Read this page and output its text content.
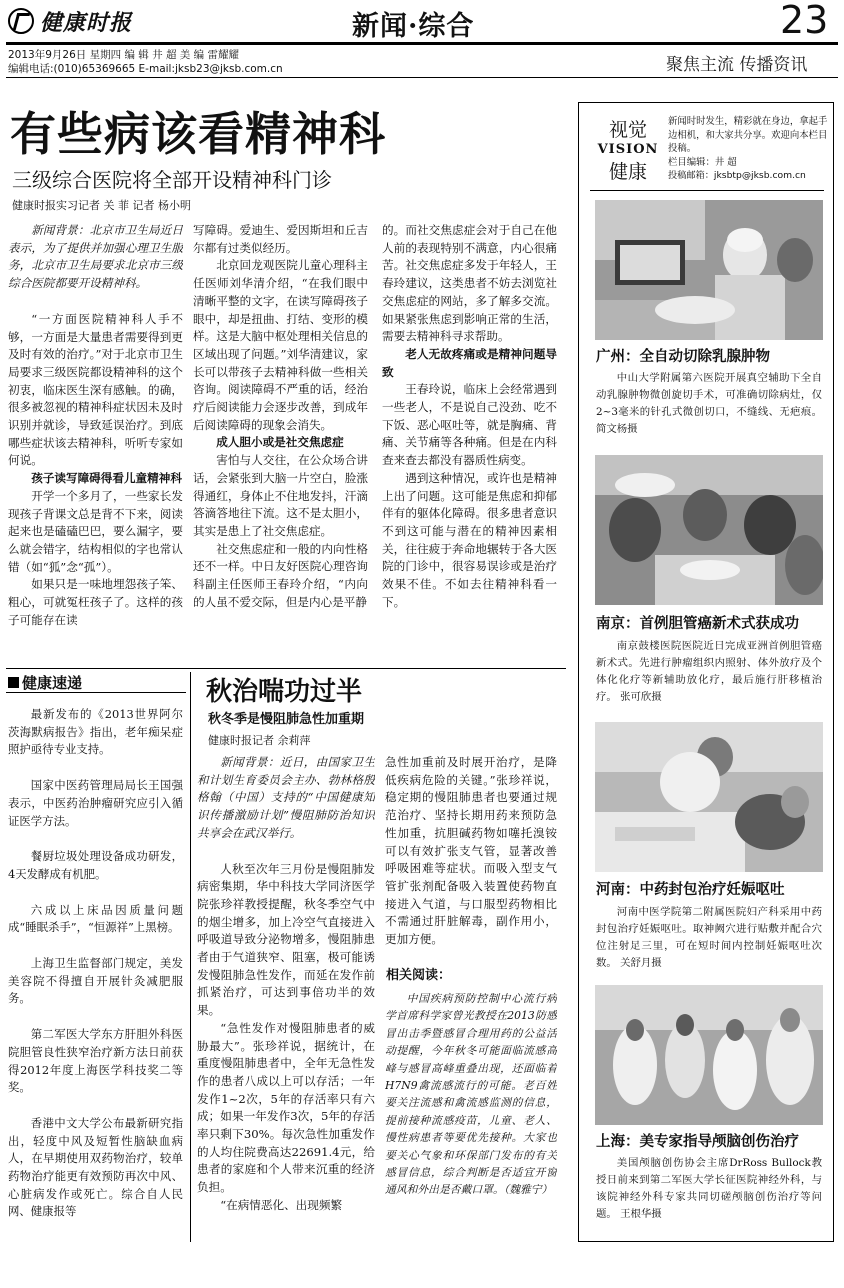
健康时报	新闻·综合	23
2013年9月26日 星期四 编 辑 井 超 美 编 雷耀耀
编辑电话:(010)65369665 E-mail:jksb23@jksb.com.cn	聚焦主流 传播资讯
有些病该看精神科
三级综合医院将全部开设精神科门诊
健康时报实习记者 关 菲 记者 杨小明

新闻背景：北京市卫生局近日表示，为了提供并加强心理卫生服务，北京市卫生局要求北京市三级综合医院都要开设精神科。

“一方面医院精神科人手不够，一方面是大量患者需要得到更及时有效的治疗。”对于北京市卫生局要求三级医院都设精神科的这个初衷，临床医生深有感触。的确，很多被忽视的精神科症状因未及时识别并就诊，导致延误治疗。到底哪些症状该去精神科，听听专家如何说。

孩子读写障碍得看儿童精神科

开学一个多月了，一些家长发现孩子背课文总是背不下来，阅读起来也是磕磕巴巴，要么漏字，要么就会错字，结构相似的字也常认错（如“狐”念“孤”）。

如果只是一味地埋怨孩子笨、粗心，可就冤枉孩子了。这样的孩子可能存在读

写障碍。爱迪生、爱因斯坦和丘吉尔都有过类似经历。

北京回龙观医院儿童心理科主任医师刘华清介绍，“在我们眼中清晰平整的文字，在读写障碍孩子眼中，却是扭曲、打结、变形的模样。这是大脑中枢处理相关信息的区域出现了问题。”刘华清建议，家长可以带孩子去精神科做一些相关咨询。阅读障碍不严重的话，经治疗后阅读能力会逐步改善，到成年后阅读障碍的现象会消失。

成人胆小或是社交焦虑症

害怕与人交往，在公众场合讲话，会紧张到大脑一片空白，脸涨得通红，身体止不住地发抖，汗滴答滴答地往下流。这不是太胆小，其实是患上了社交焦虑症。

社交焦虑症和一般的内向性格还不一样。中日友好医院心理咨询科副主任医师王春玲介绍，“内向的人虽不爱交际，但是内心是平静

的。而社交焦虑症会对于自己在他人前的表现特别不满意，内心很痛苦。社交焦虑症多发于年轻人，王春玲建议，这类患者不妨去浏览社交焦虑症的网站，多了解多交流。如果紧张焦虑到影响正常的生活，需要去精神科寻求帮助。

老人无故疼痛或是精神问题导致

王春玲说，临床上会经常遇到一些老人，不是说自己没劲、吃不下饭、恶心呕吐等，就是胸痛、背痛、关节痛等各种痛。但是在内科查来查去都没有器质性病变。

遇到这种情况，或许也是精神上出了问题。这可能是焦虑和抑郁伴有的躯体化障碍。很多患者意识不到这可能与潜在的精神因素相关，往往疲于奔命地辗转于各大医院的门诊中，很容易误诊或是治疗效果不佳。不如去往精神科看一下。

健康速递

最新发布的《2013世界阿尔茨海默病报告》指出，老年痴呆症照护亟待专业支持。

国家中医药管理局局长王国强表示，中医药治肿瘤研究应引入循证医学方法。

餐厨垃圾处理设备成功研发，4天发酵成有机肥。

六成以上床品因质量问题成“睡眠杀手”，“恒源祥”上黑榜。

上海卫生监督部门规定，美发美容院不得擅自开展针灸减肥服务。

第二军医大学东方肝胆外科医院胆管良性狭窄治疗新方法日前获得2012年度上海医学科技奖二等奖。

香港中文大学公布最新研究指出，轻度中风及短暂性脑缺血病人，在早期使用双药物治疗，较单药物治疗能更有效预防再次中风、心脏病发作或死亡。综合自人民网、健康报等

秋治喘功过半
秋冬季是慢阻肺急性加重期
健康时报记者 余莉萍

新闻背景：近日，由国家卫生和计划生育委员会主办、勃林格殷格翰（中国）支持的“中国健康知识传播激励计划”慢阻肺防治知识共享会在武汉举行。

人秋至次年三月份是慢阻肺发病密集期，华中科技大学同济医学院张珍祥教授提醒，秋冬季空气中的烟尘增多，加上冷空气直接进入呼吸道导致分泌物增多，慢阻肺患者由于气道狭窄、阻塞，极可能诱发慢阻肺急性发作，而延在发作前抓紧治疗，可达到事倍功半的效果。

“急性发作对慢阻肺患者的威胁最大”。张珍祥说，据统计，在重度慢阻肺患者中，全年无急性发作的患者八成以上可以存活；一年发作1~2次，5年的存活率只有六成；如果一年发作3次，5年的存活率只剩下30%。每次急性加重发作的人均住院费高达22691.4元，给患者的家庭和个人带来沉重的经济负担。

“在病情恶化、出现频繁

急性加重前及时展开治疗，是降低疾病危险的关键。”张珍祥说，稳定期的慢阻肺患者也要通过规范治疗、坚持长期用药来预防急性加重，抗胆碱药物如噻托溴铵可以有效扩张支气管，显著改善呼吸困难等症状。而吸入型支气管扩张剂配备吸入装置使药物直接进入气道，与口服型药物相比不需通过肝脏解毒，副作用小，更加方便。

相关阅读：

中国疾病预防控制中心流行病学首席科学家曾光教授在2013防感冒出击季暨感冒合理用药的公益活动提醒，今年秋冬可能面临流感高峰与感冒高峰重叠出现，还面临着H7N9禽流感流行的可能。老百姓要关注流感和禽流感监测的信息，提前接种流感疫苗，儿童、老人、慢性病患者等要优先接种。大家也要关心气象和环保部门发布的有关感冒信息，综合判断是否适宜开窗通风和外出是否戴口罩。（魏雅宁）

视觉
VISION
健康
新闻时时发生，精彩就在身边，拿起手边相机，和大家共分享。欢迎向本栏目投稿。
栏目编辑：井 超
投稿邮箱：jksbtp@jksb.com.cn
广州：全自动切除乳腺肿物
中山大学附属第六医院开展真空辅助下全自动乳腺肿物微创旋切手术，可准确切除病灶，仅2~3毫米的针孔式微创切口，不缝线、无疤痕。 简文杨摄
南京：首例胆管癌新术式获成功
南京鼓楼医院医院近日完成亚洲首例胆管癌新术式。先进行肿瘤组织内照射、体外放疗及个体化化疗等新辅助放化疗，最后施行肝移植治疗。 张可欣摄
河南：中药封包治疗妊娠呕吐
河南中医学院第二附属医院妇产科采用中药封包治疗妊娠呕吐。取神阙穴进行贴敷并配合穴位注射足三里，可在短时间内控制妊娠呕吐次数。 关舒月摄
上海：美专家指导颅脑创伤治疗
美国颅脑创伤协会主席DrRoss Bullock教授日前来到第二军医大学长征医院神经外科，与该院神经外科专家共同切磋颅脑创伤治疗等问题。 王根华摄
